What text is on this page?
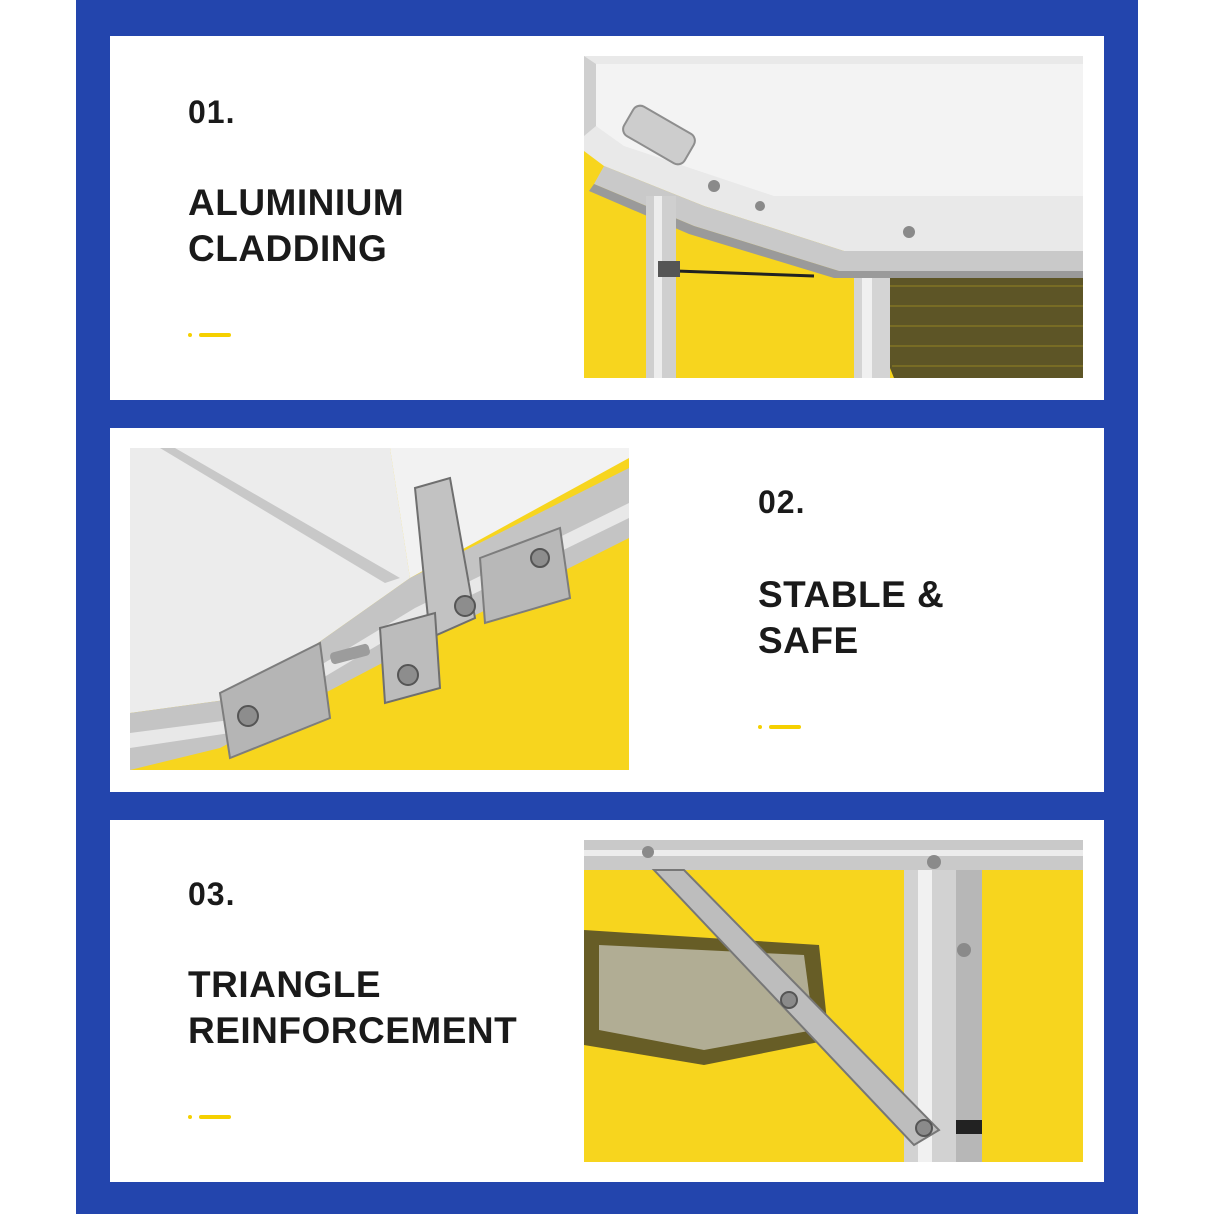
01.
ALUMINIUM
CLADDING
02.
STABLE &
SAFE
03.
TRIANGLE
REINFORCEMENT
